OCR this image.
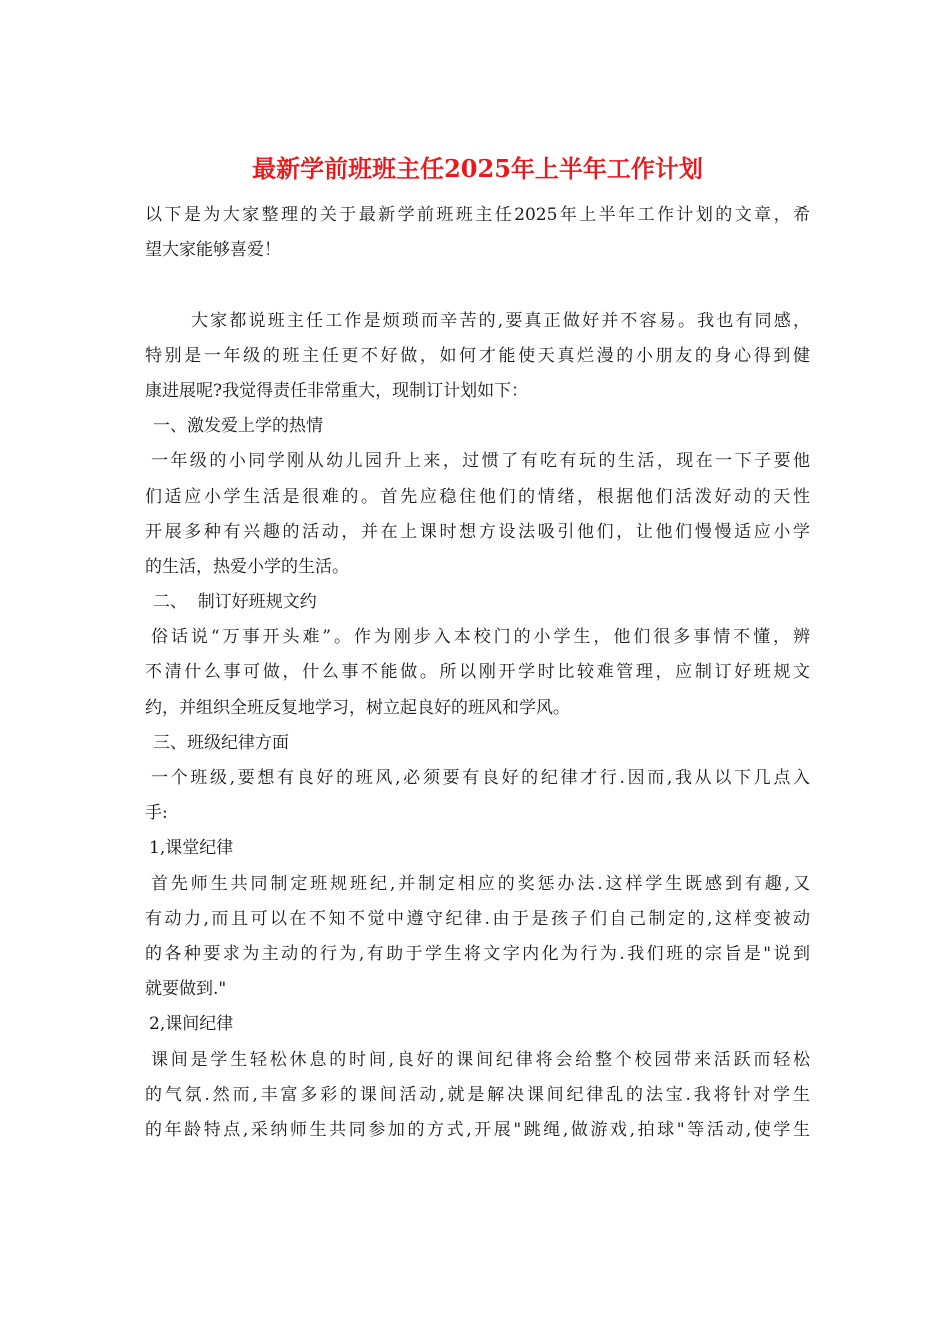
最新学前班班主任2025年上半年工作计划
以下是为大家整理的关于最新学前班班主任2025年上半年工作计划的文章，希
望大家能够喜爱！
大家都说班主任工作是烦琐而辛苦的,要真正做好并不容易。我也有同感，
特别是一年级的班主任更不好做，如何才能使天真烂漫的小朋友的身心得到健
康进展呢?我觉得责任非常重大，现制订计划如下：
一、激发爱上学的热情
一年级的小同学刚从幼儿园升上来，过惯了有吃有玩的生活，现在一下子要他
们适应小学生活是很难的。首先应稳住他们的情绪，根据他们活泼好动的天性
开展多种有兴趣的活动，并在上课时想方设法吸引他们，让他们慢慢适应小学
的生活，热爱小学的生活。
二、  制订好班规文约
俗话说“万事开头难”。作为刚步入本校门的小学生，他们很多事情不懂，辨
不清什么事可做，什么事不能做。所以刚开学时比较难管理，应制订好班规文
约，并组织全班反复地学习，树立起良好的班风和学风。
三、班级纪律方面
一个班级,要想有良好的班风,必须要有良好的纪律才行.因而,我从以下几点入
手:
1,课堂纪律
首先师生共同制定班规班纪,并制定相应的奖惩办法.这样学生既感到有趣,又
有动力,而且可以在不知不觉中遵守纪律.由于是孩子们自己制定的,这样变被动
的各种要求为主动的行为,有助于学生将文字内化为行为.我们班的宗旨是"说到
就要做到."
2,课间纪律
课间是学生轻松休息的时间,良好的课间纪律将会给整个校园带来活跃而轻松
的气氛.然而,丰富多彩的课间活动,就是解决课间纪律乱的法宝.我将针对学生
的年龄特点,采纳师生共同参加的方式,开展"跳绳,做游戏,拍球"等活动,使学生
